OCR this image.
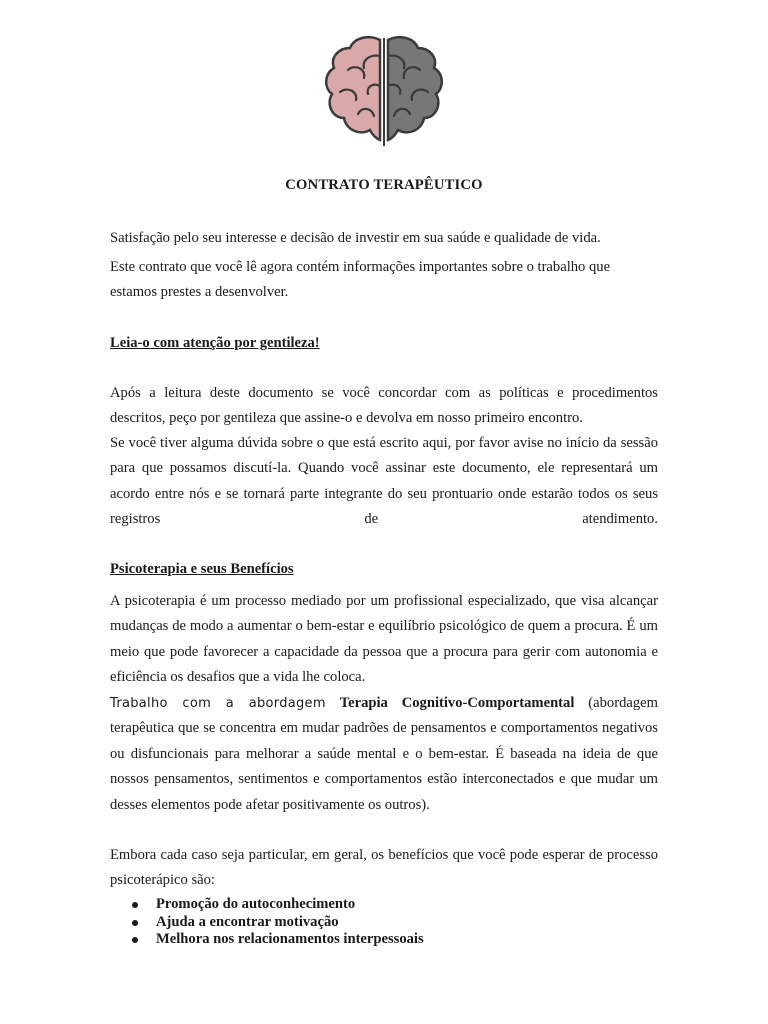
CONTRATO TERAPÊUTICO
Satisfação pelo seu interesse e decisão de investir em sua saúde e qualidade de vida.
Este contrato que você lê agora contém informações importantes sobre o trabalho que estamos prestes a desenvolver.
Leia-o com atenção por gentileza!
Após a leitura deste documento se você concordar com as políticas e procedimentos descritos, peço por gentileza que assine-o e devolva em nosso primeiro encontro.
Se você tiver alguma dúvida sobre o que está escrito aqui, por favor avise no início da sessão para que possamos discutí-la. Quando você assinar este documento, ele representará um acordo entre nós e se tornará parte integrante do seu prontuario onde estarão todos os seus registros de atendimento.
Psicoterapia e seus Benefícios
A psicoterapia é um processo mediado por um profissional especializado, que visa alcançar mudanças de modo a aumentar o bem-estar e equilíbrio psicológico de quem a procura. É um meio que pode favorecer a capacidade da pessoa que a procura para gerir com autonomia e eficiência os desafios que a vida lhe coloca.
Trabalho com a abordagem Terapia Cognitivo-Comportamental (abordagem terapêutica que se concentra em mudar padrões de pensamentos e comportamentos negativos ou disfuncionais para melhorar a saúde mental e o bem-estar. É baseada na ideia de que nossos pensamentos, sentimentos e comportamentos estão interconectados e que mudar um desses elementos pode afetar positivamente os outros).
Embora cada caso seja particular, em geral, os benefícios que você pode esperar de processo psicoterápico são:
Promoção do autoconhecimento
Ajuda a encontrar motivação
Melhora nos relacionamentos interpessoais
